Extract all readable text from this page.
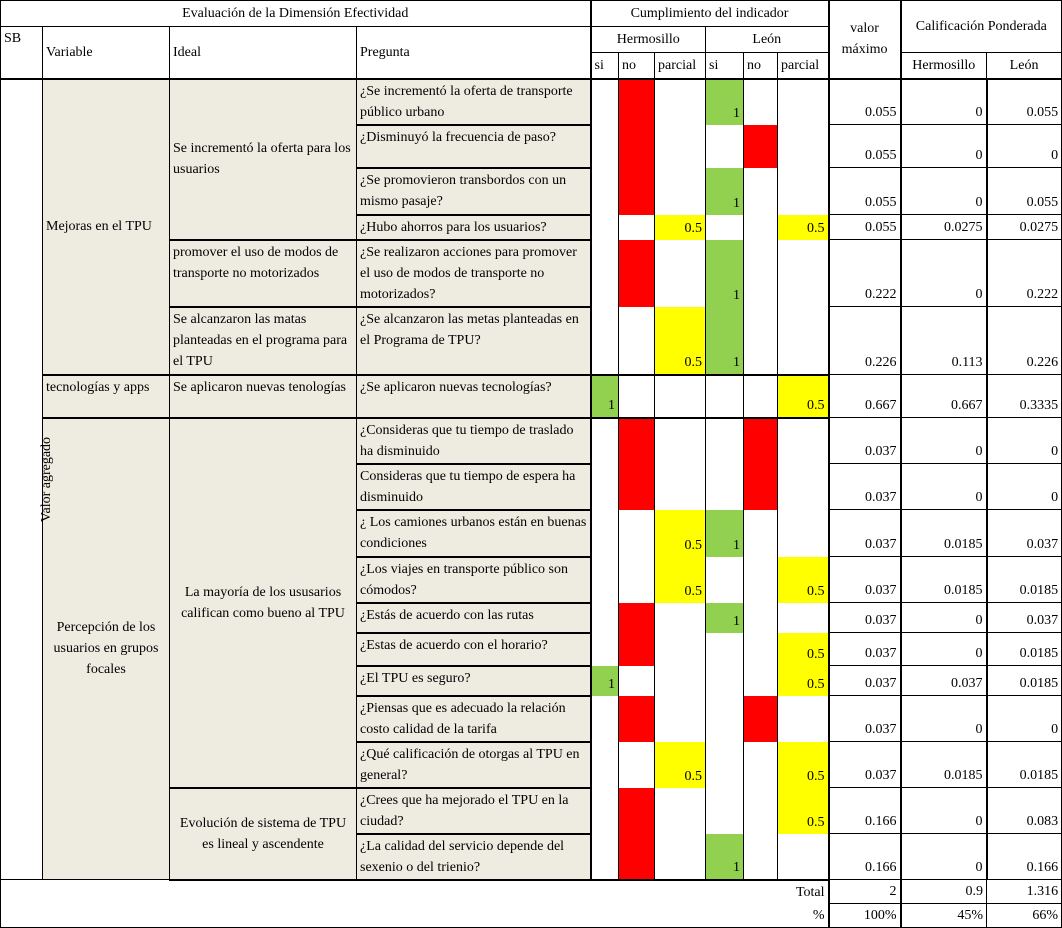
Evaluación de la Dimensión Efectividad				Cumplimiento del indicador						valor máximo	Calificación Ponderada	
SB	Variable	Ideal	Pregunta	Hermosillo			León					
				si	no	parcial	si	no	parcial		Hermosillo	León
Valor agregado	Mejoras en el TPU	Se incrementó la oferta para los usuarios	¿Se incrementó la oferta de transporte público urbano		0		1			0.055	0	0.055
			¿Disminuyó la frecuencia de paso?		0			0		0.055	0	0
			¿Se promovieron transbordos con un mismo pasaje?		0		1			0.055	0	0.055
			¿Hubo ahorros para los usuarios?			0.5			0.5	0.055	0.0275	0.0275
		promover el uso de modos de transporte no motorizados	¿Se realizaron acciones para promover el uso de modos de transporte no motorizados?		0		1			0.222	0	0.222
		Se alcanzaron las matas planteadas en el programa para el TPU	¿Se alcanzaron las metas planteadas en el Programa de TPU?			0.5	1			0.226	0.113	0.226
	tecnologías y apps	Se aplicaron nuevas tenologías	¿Se aplicaron nuevas tecnologías?	1					0.5	0.667	0.667	0.3335
	Percepción de los usuarios en grupos focales	La mayoría de los ususarios califican como bueno al TPU	¿Consideras que tu tiempo de traslado ha disminuido		0			0		0.037	0	0
			Consideras que tu tiempo de espera ha disminuido		0			0		0.037	0	0
			¿ Los camiones urbanos están en buenas condiciones			0.5	1			0.037	0.0185	0.037
			¿Los viajes en transporte público son cómodos?			0.5			0.5	0.037	0.0185	0.0185
			¿Estás de acuerdo con las rutas		0		1			0.037	0	0.037
			¿Estas de acuerdo con el horario?		0				0.5	0.037	0	0.0185
			¿El TPU es seguro?	1					0.5	0.037	0.037	0.0185
			¿Piensas que es adecuado la relación costo calidad de la tarifa		0			0		0.037	0	0
			¿Qué calificación de otorgas al TPU en general?			0.5			0.5	0.037	0.0185	0.0185
		Evolución de sistema de TPU es lineal y ascendente	¿Crees que ha mejorado el TPU en la ciudad?		0				0.5	0.166	0	0.083
			¿La calidad del servicio depende del sexenio o del trienio?		0		1			0.166	0	0.166
Total										2	0.9	1.316
%										100%	45%	66%
